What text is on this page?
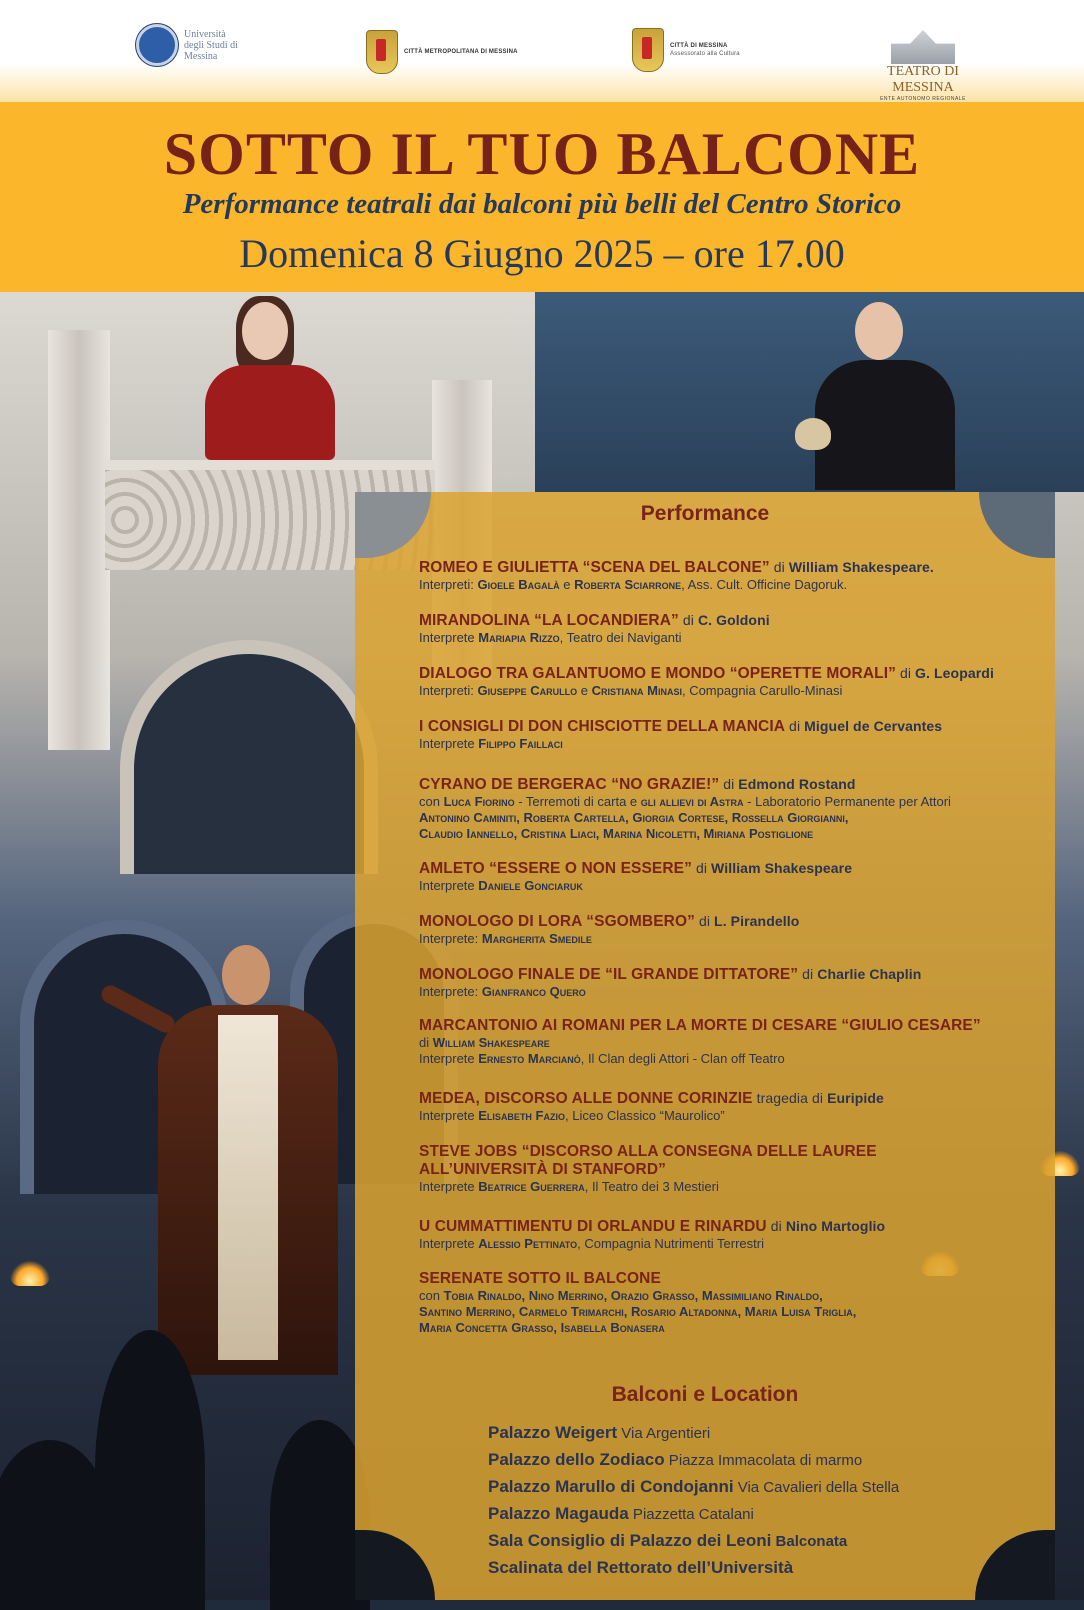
Università
degli Studi di
Messina	CITTÀ METROPOLITANA DI MESSINA
CITTÀ DI MESSINA
Assessorato alla Cultura
TEATRO DI MESSINA
ENTE AUTONOMO REGIONALE
SOTTO IL TUO BALCONE
Performance teatrali dai balconi più belli del Centro Storico
Domenica 8 Giugno 2025 – ore 17.00
Performance
ROMEO E GIULIETTA “SCENA DEL BALCONE” di William Shakespeare.
Interpreti: Gioele Bagalà e Roberta Sciarrone, Ass. Cult. Officine Dagoruk.
MIRANDOLINA “LA LOCANDIERA” di C. Goldoni
Interprete Mariapia Rizzo, Teatro dei Naviganti
DIALOGO TRA GALANTUOMO E MONDO “OPERETTE MORALI” di G. Leopardi
Interpreti: Giuseppe Carullo e Cristiana Minasi, Compagnia Carullo-Minasi
I CONSIGLI DI DON CHISCIOTTE DELLA MANCIA di Miguel de Cervantes
Interprete Filippo Faillaci
CYRANO DE BERGERAC “NO GRAZIE!” di Edmond Rostand
con Luca Fiorino - Terremoti di carta e gli allievi di Astra - Laboratorio Permanente per Attori
Antonino Caminiti, Roberta Cartella, Giorgia Cortese, Rossella Giorgianni,
Claudio Iannello, Cristina Liaci, Marina Nicoletti, Miriana Postiglione
AMLETO “ESSERE O NON ESSERE” di William Shakespeare
Interprete Daniele Gonciaruk
MONOLOGO DI LORA “SGOMBERO” di L. Pirandello
Interprete: Margherita Smedile
MONOLOGO FINALE DE “IL GRANDE DITTATORE” di Charlie Chaplin
Interprete: Gianfranco Quero
MARCANTONIO AI ROMANI PER LA MORTE DI CESARE “GIULIO CESARE”
di William Shakespeare
Interprete Ernesto Marcianò, Il Clan degli Attori - Clan off Teatro
MEDEA, DISCORSO ALLE DONNE CORINZIE tragedia di Euripide
Interprete Elisabeth Fazio, Liceo Classico “Maurolico”
STEVE JOBS “DISCORSO ALLA CONSEGNA DELLE LAUREE ALL’UNIVERSITÀ DI STANFORD”
Interprete Beatrice Guerrera, Il Teatro dei 3 Mestieri
U CUMMATTIMENTU DI ORLANDU E RINARDU di Nino Martoglio
Interprete Alessio Pettinato, Compagnia Nutrimenti Terrestri
SERENATE SOTTO IL BALCONE
con Tobia Rinaldo, Nino Merrino, Orazio Grasso, Massimiliano Rinaldo,
Santino Merrino, Carmelo Trimarchi, Rosario Altadonna, Maria Luisa Triglia,
Maria Concetta Grasso, Isabella Bonasera
Balconi e Location
Palazzo Weigert Via Argentieri
Palazzo dello Zodiaco Piazza Immacolata di marmo
Palazzo Marullo di Condojanni Via Cavalieri della Stella
Palazzo Magauda Piazzetta Catalani
Sala Consiglio di Palazzo dei Leoni Balconata
Scalinata del Rettorato dell’Università
